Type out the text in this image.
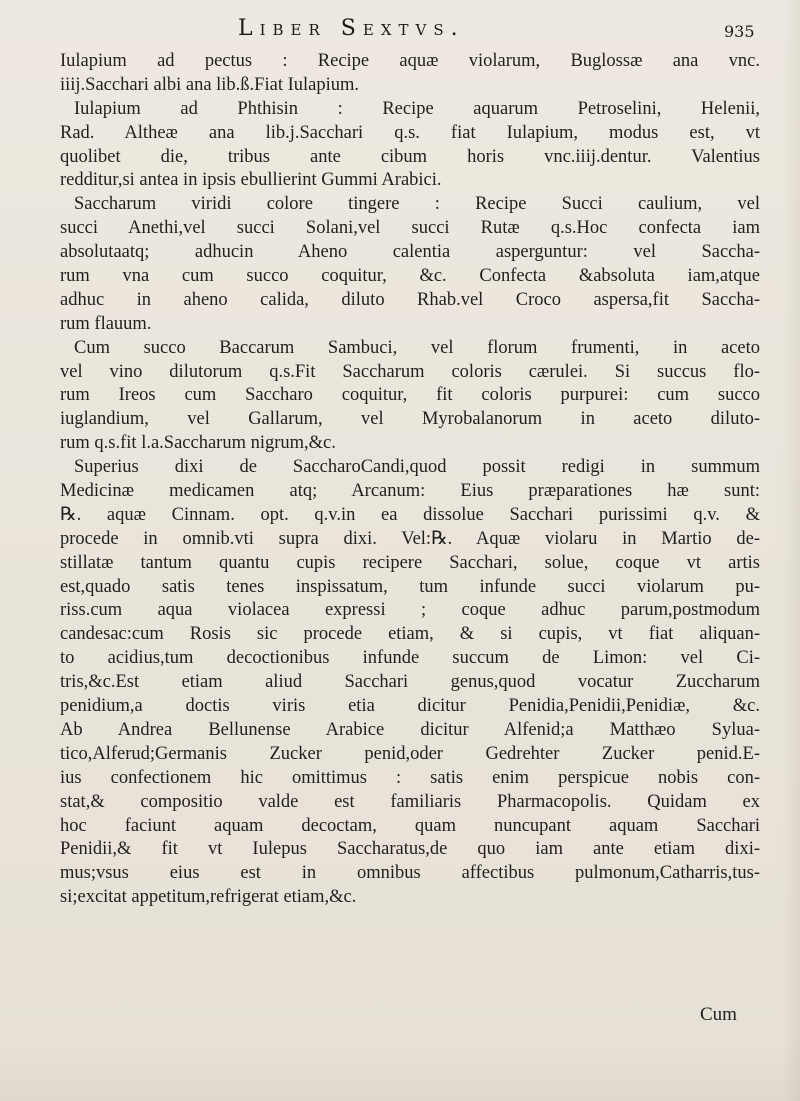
Liber Sextvs.	935
Iulapium ad pectus : Recipe aquæ violarum, Buglossæ ana vnc.
iiij.Sacchari albi ana lib.ß.Fiat Iulapium.
Iulapium ad Phthisin : Recipe aquarum Petroselini, Helenii,
Rad. Altheæ ana lib.j.Sacchari q.s. fiat Iulapium, modus est, vt
quolibet die, tribus ante cibum horis vnc.iiij.dentur. Valentius
redditur,si antea in ipsis ebullierint Gummi Arabici.
Saccharum viridi colore tingere : Recipe Succi caulium, vel
succi Anethi,vel succi Solani,vel succi Rutæ q.s.Hoc confecta iam
absolutaatq; adhucin Aheno calentia asperguntur: vel Saccha-
rum vna cum succo coquitur, &c. Confecta &absoluta iam,atque
adhuc in aheno calida, diluto Rhab.vel Croco aspersa,fit Saccha-
rum flauum.
Cum succo Baccarum Sambuci, vel florum frumenti, in aceto
vel vino dilutorum q.s.Fit Saccharum coloris cærulei. Si succus flo-
rum Ireos cum Saccharo coquitur, fit coloris purpurei: cum succo
iuglandium, vel Gallarum, vel Myrobalanorum in aceto diluto-
rum q.s.fit l.a.Saccharum nigrum,&c.
Superius dixi de SaccharoCandi,quod possit redigi in summum
Medicinæ medicamen atq; Arcanum: Eius præparationes hæ sunt:
℞. aquæ Cinnam. opt. q.v.in ea dissolue Sacchari purissimi q.v. &
procede in omnib.vti supra dixi. Vel:℞. Aquæ violaru in Martio de-
stillatæ tantum quantu cupis recipere Sacchari, solue, coque vt artis
est,quado satis tenes inspissatum, tum infunde succi violarum pu-
riss.cum aqua violacea expressi ; coque adhuc parum,postmodum
candesac:cum Rosis sic procede etiam, & si cupis, vt fiat aliquan-
to acidius,tum decoctionibus infunde succum de Limon: vel Ci-
tris,&c.Est etiam aliud Sacchari genus,quod vocatur Zuccharum
penidium,a doctis viris etia dicitur Penidia,Penidii,Penidiæ, &c.
Ab Andrea Bellunense Arabice dicitur Alfenid;a Matthæo Sylua-
tico,Alferud;Germanis Zucker penid,oder Gedrehter Zucker penid.E-
ius confectionem hic omittimus : satis enim perspicue nobis con-
stat,& compositio valde est familiaris Pharmacopolis. Quidam ex
hoc faciunt aquam decoctam, quam nuncupant aquam Sacchari
Penidii,& fit vt Iulepus Saccharatus,de quo iam ante etiam dixi-
mus;vsus eius est in omnibus affectibus pulmonum,Catharris,tus-
si;excitat appetitum,refrigerat etiam,&c.
Cum
